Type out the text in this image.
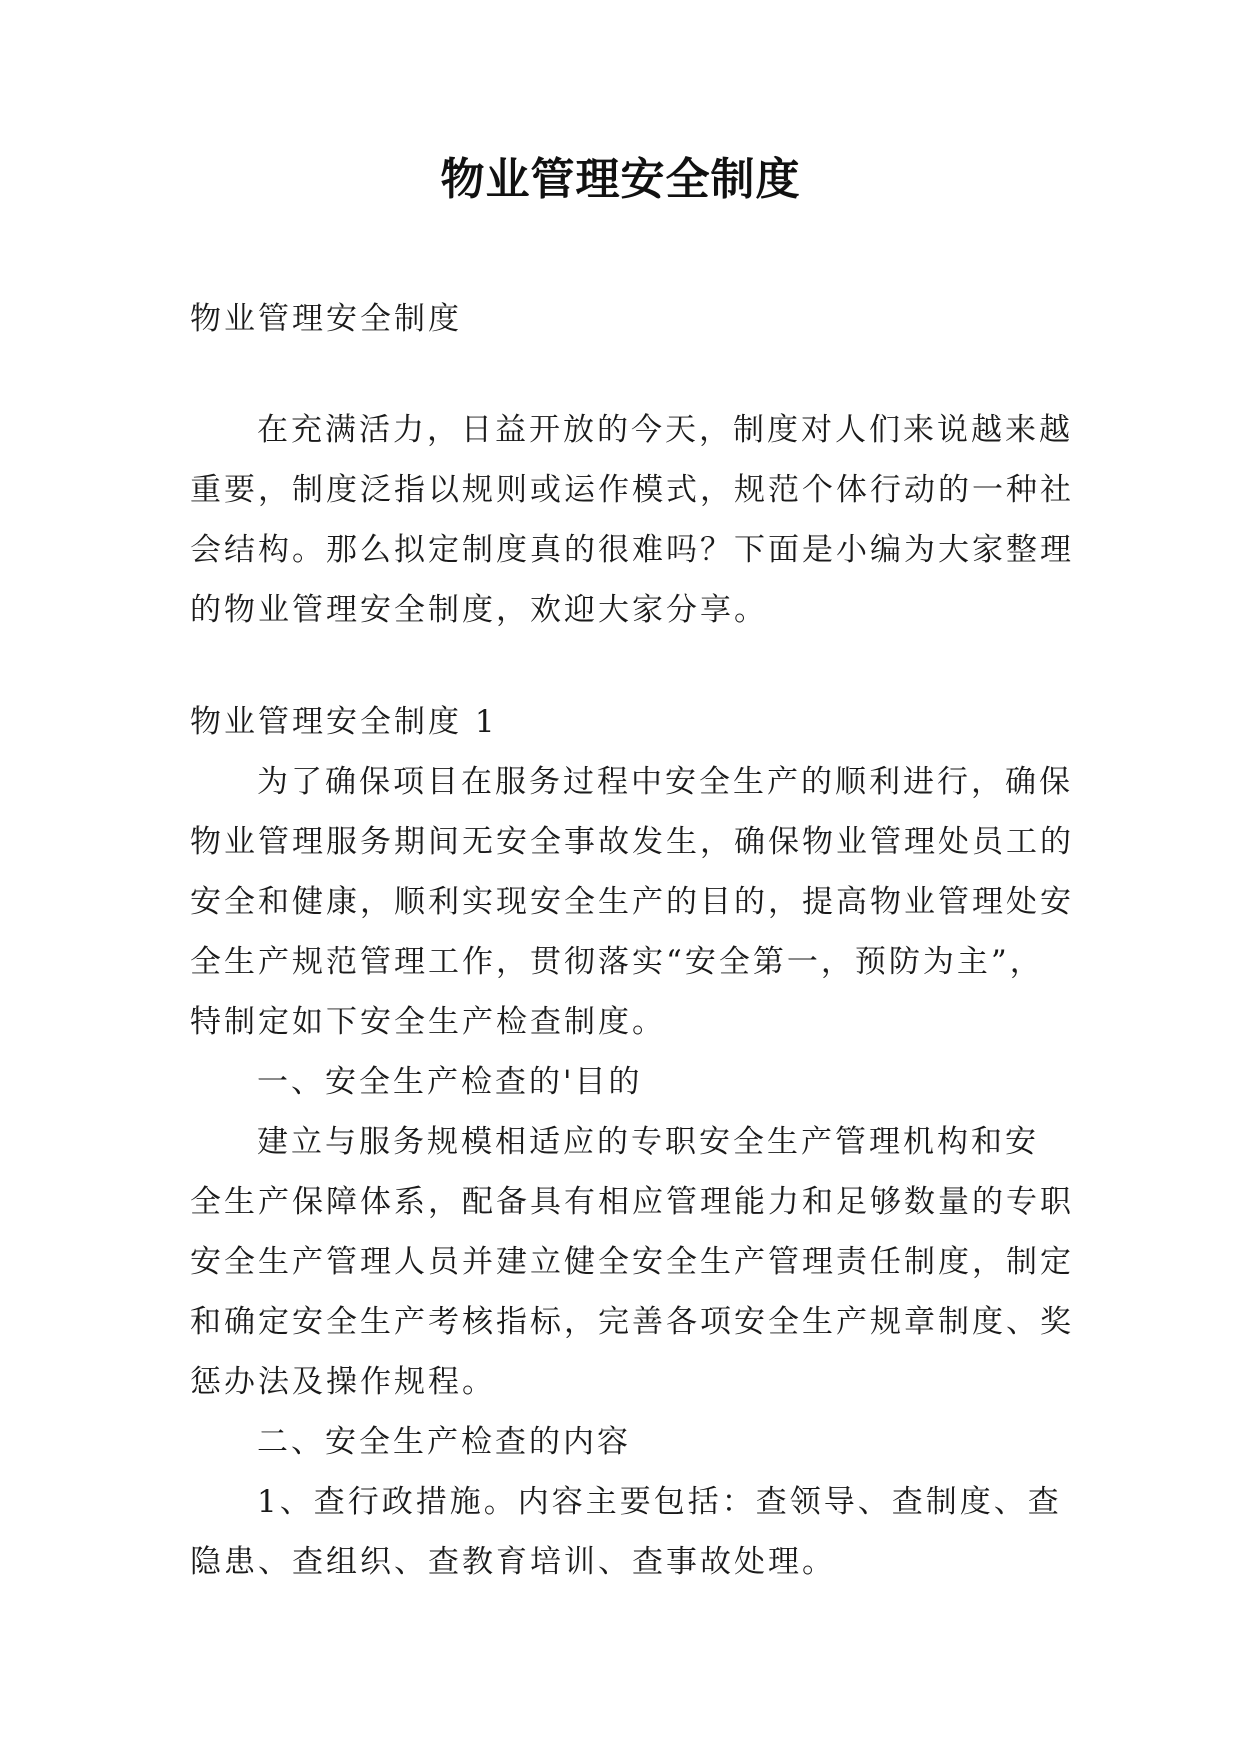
物业管理安全制度
物业管理安全制度
在充满活力，日益开放的今天，制度对人们来说越来越
重要，制度泛指以规则或运作模式，规范个体行动的一种社
会结构。那么拟定制度真的很难吗？下面是小编为大家整理
的物业管理安全制度，欢迎大家分享。
物业管理安全制度 1
为了确保项目在服务过程中安全生产的顺利进行，确保
物业管理服务期间无安全事故发生，确保物业管理处员工的
安全和健康，顺利实现安全生产的目的，提高物业管理处安
全生产规范管理工作，贯彻落实“安全第一，预防为主”，
特制定如下安全生产检查制度。
一、安全生产检查的'目的
建立与服务规模相适应的专职安全生产管理机构和安
全生产保障体系，配备具有相应管理能力和足够数量的专职
安全生产管理人员并建立健全安全生产管理责任制度，制定
和确定安全生产考核指标，完善各项安全生产规章制度、奖
惩办法及操作规程。
二、安全生产检查的内容
1、查行政措施。内容主要包括：查领导、查制度、查
隐患、查组织、查教育培训、查事故处理。
